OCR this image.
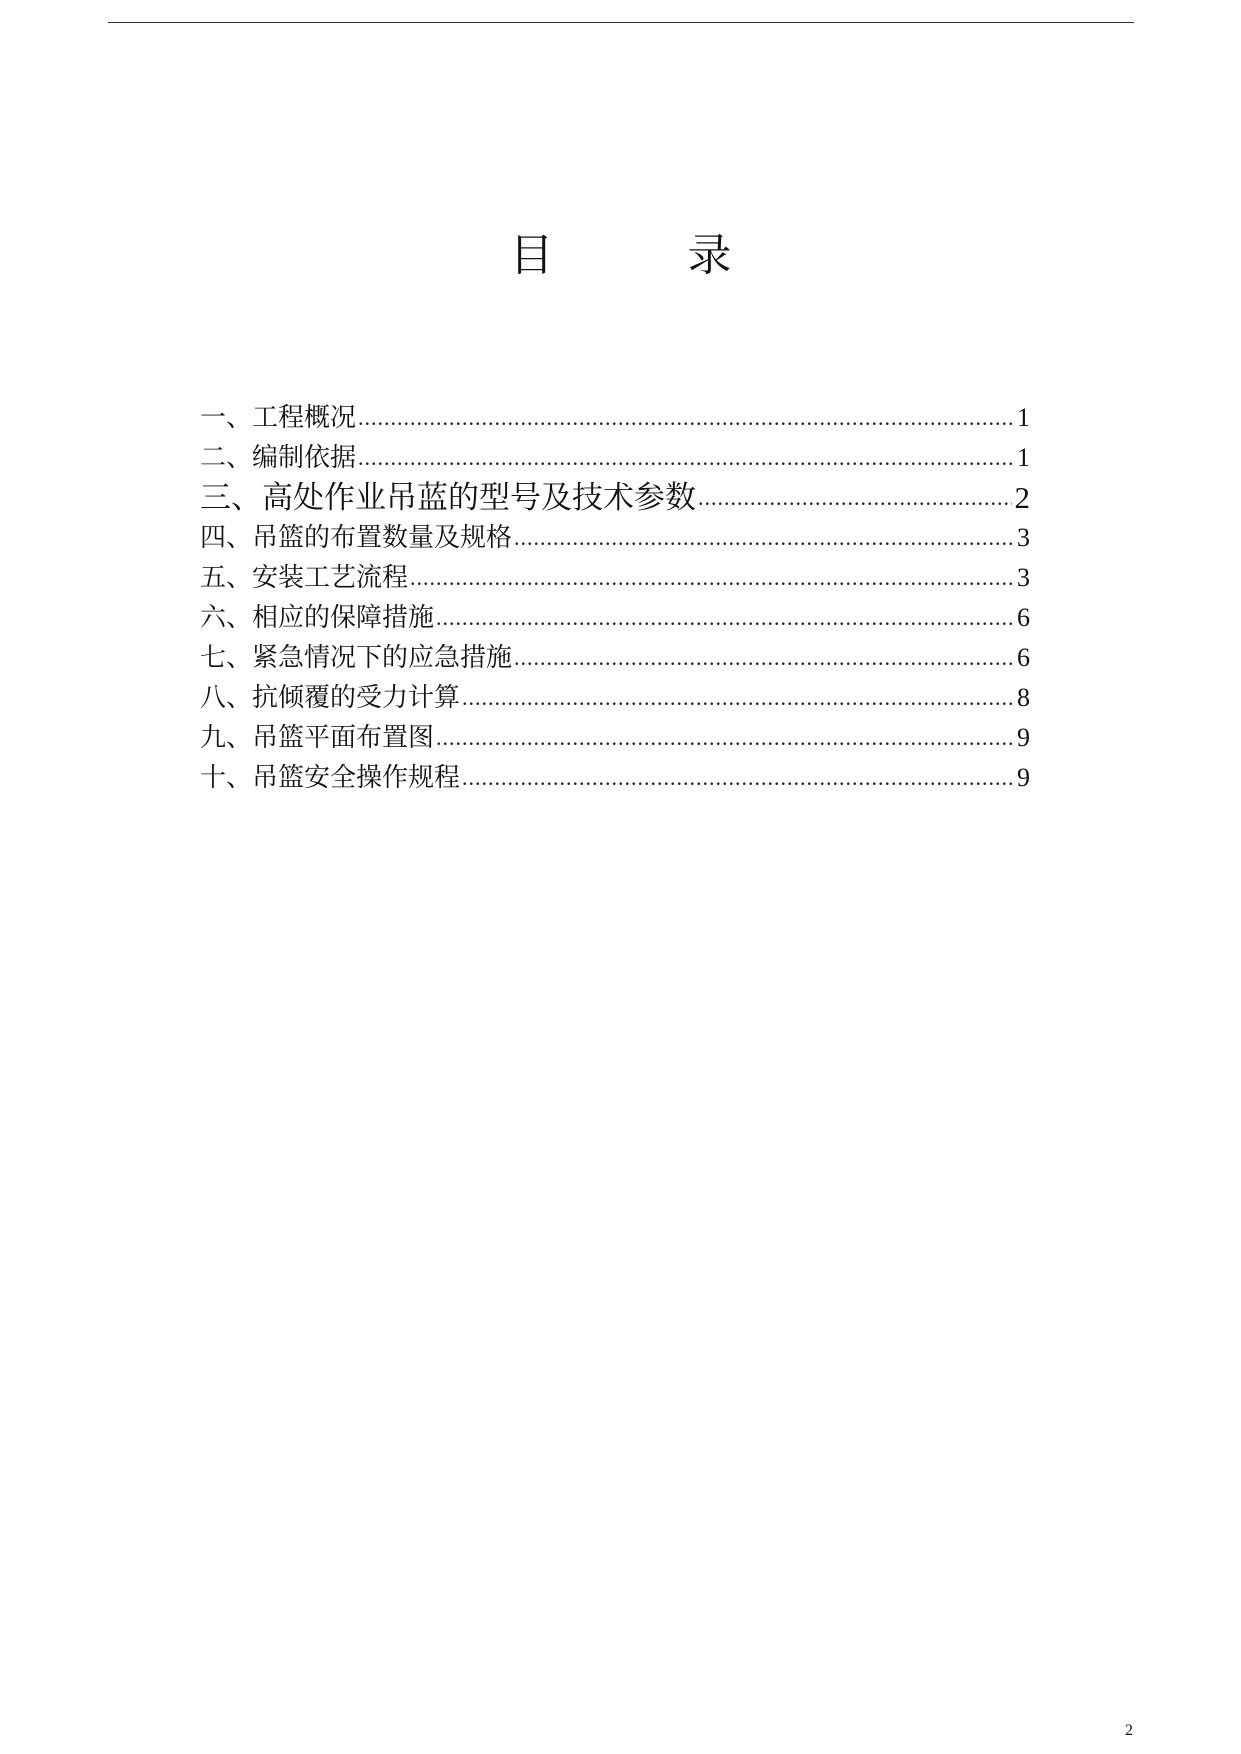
目 录
一、工程概况 .....	1
二、编制依据 .....	1
三、高处作业吊蓝的型号及技术参数 .....	2
四、吊篮的布置数量及规格 .....	3
五、安装工艺流程 .....	3
六、相应的保障措施 .....	6
七、紧急情况下的应急措施 .....	6
八、抗倾覆的受力计算 .....	8
九、吊篮平面布置图 .....	9
十、吊篮安全操作规程 .....	9
2
